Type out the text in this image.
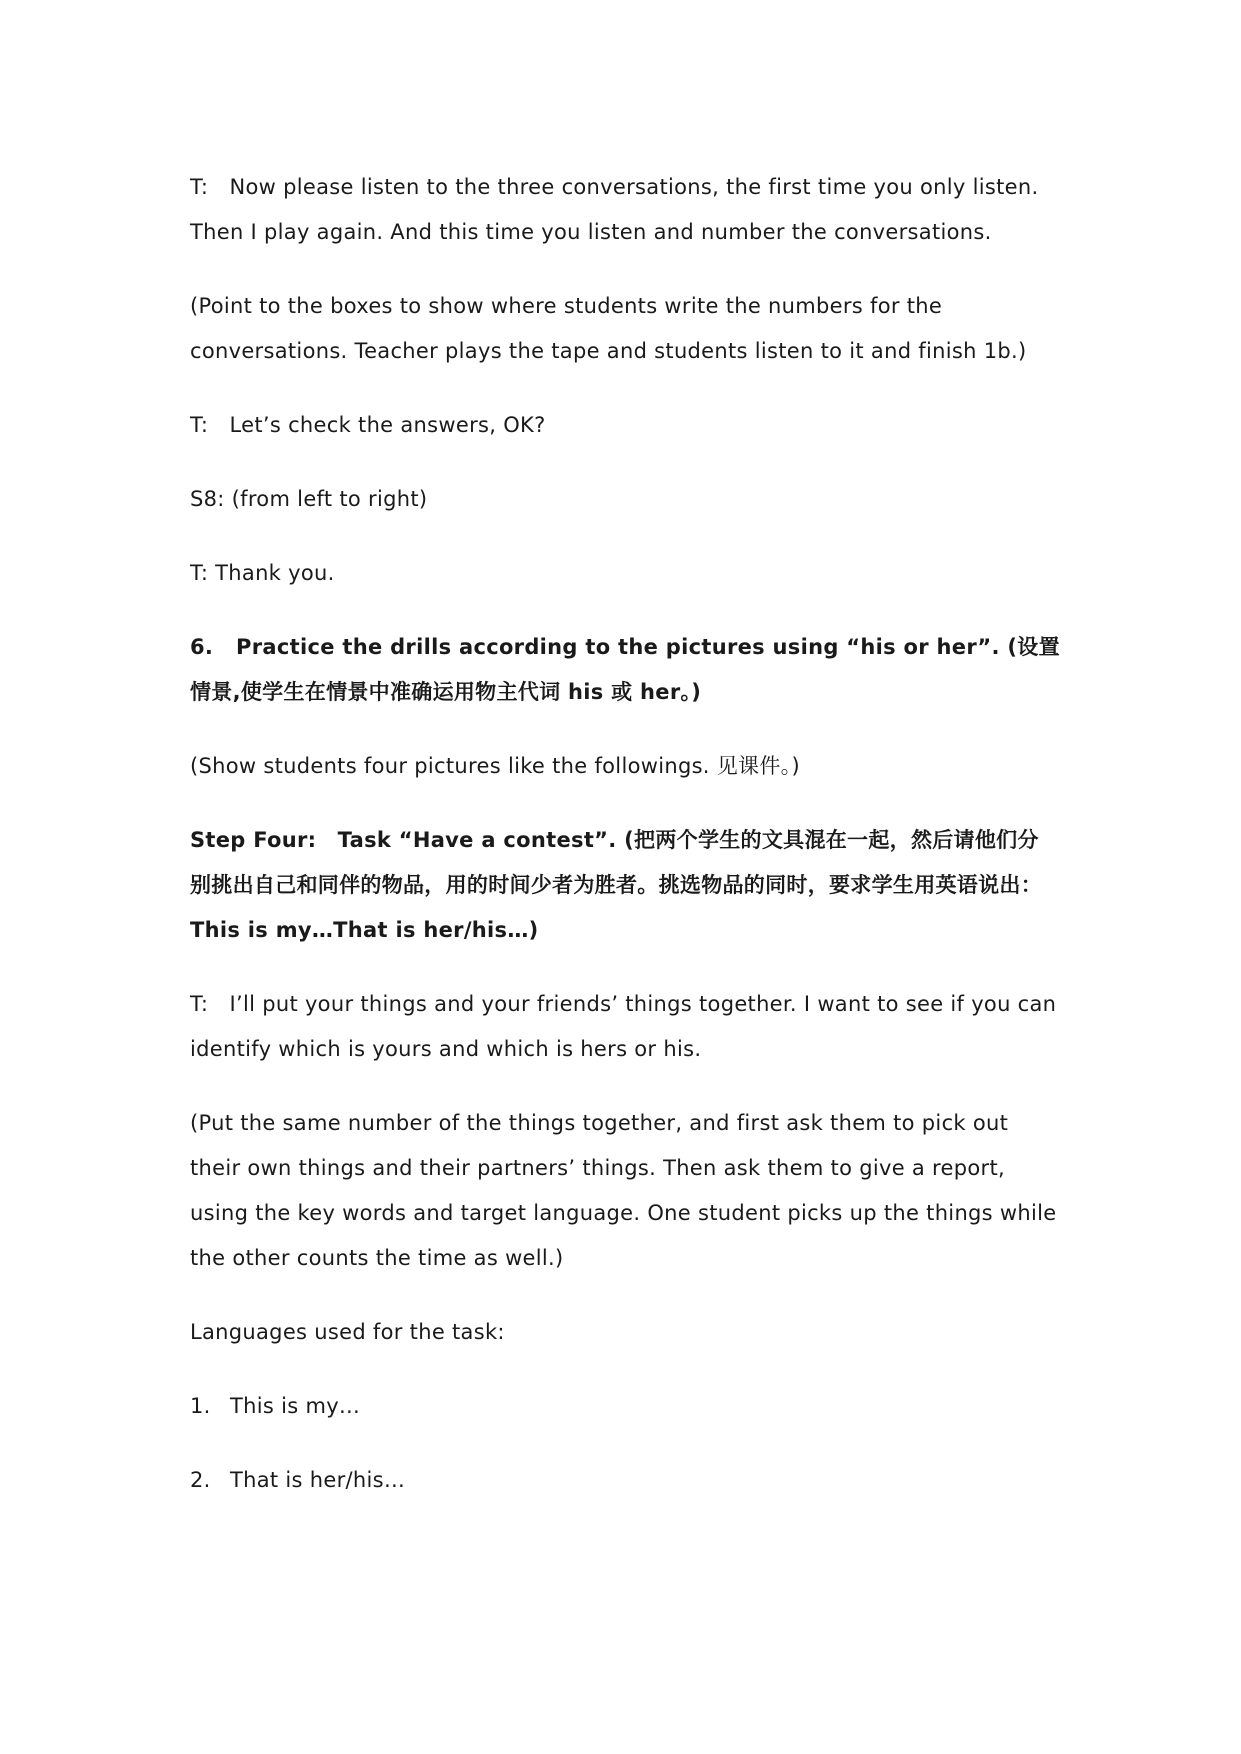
T:　Now please listen to the three conversations, the first time you only listen. Then I play again. And this time you listen and number the conversations.

(Point to the boxes to show where students write the numbers for the conversations. Teacher plays the tape and students listen to it and finish 1b.)

T:　Let’s check the answers, OK?

S8: (from left to right)

T: Thank you.

6. Practice the drills according to the pictures using “his or her”. (设置情景,使学生在情景中准确运用物主代词 his 或 her。)

(Show students four pictures like the followings. 见课件。)

Step Four:　Task “Have a contest”. (把两个学生的文具混在一起，然后请他们分别挑出自己和同伴的物品，用的时间少者为胜者。挑选物品的同时，要求学生用英语说出：This is my…That is her/his…)

T:　I’ll put your things and your friends’ things together. I want to see if you can identify which is yours and which is hers or his.

(Put the same number of the things together, and first ask them to pick out their own things and their partners’ things. Then ask them to give a report, using the key words and target language. One student picks up the things while the other counts the time as well.)

Languages used for the task:

1. This is my…

2. That is her/his…
